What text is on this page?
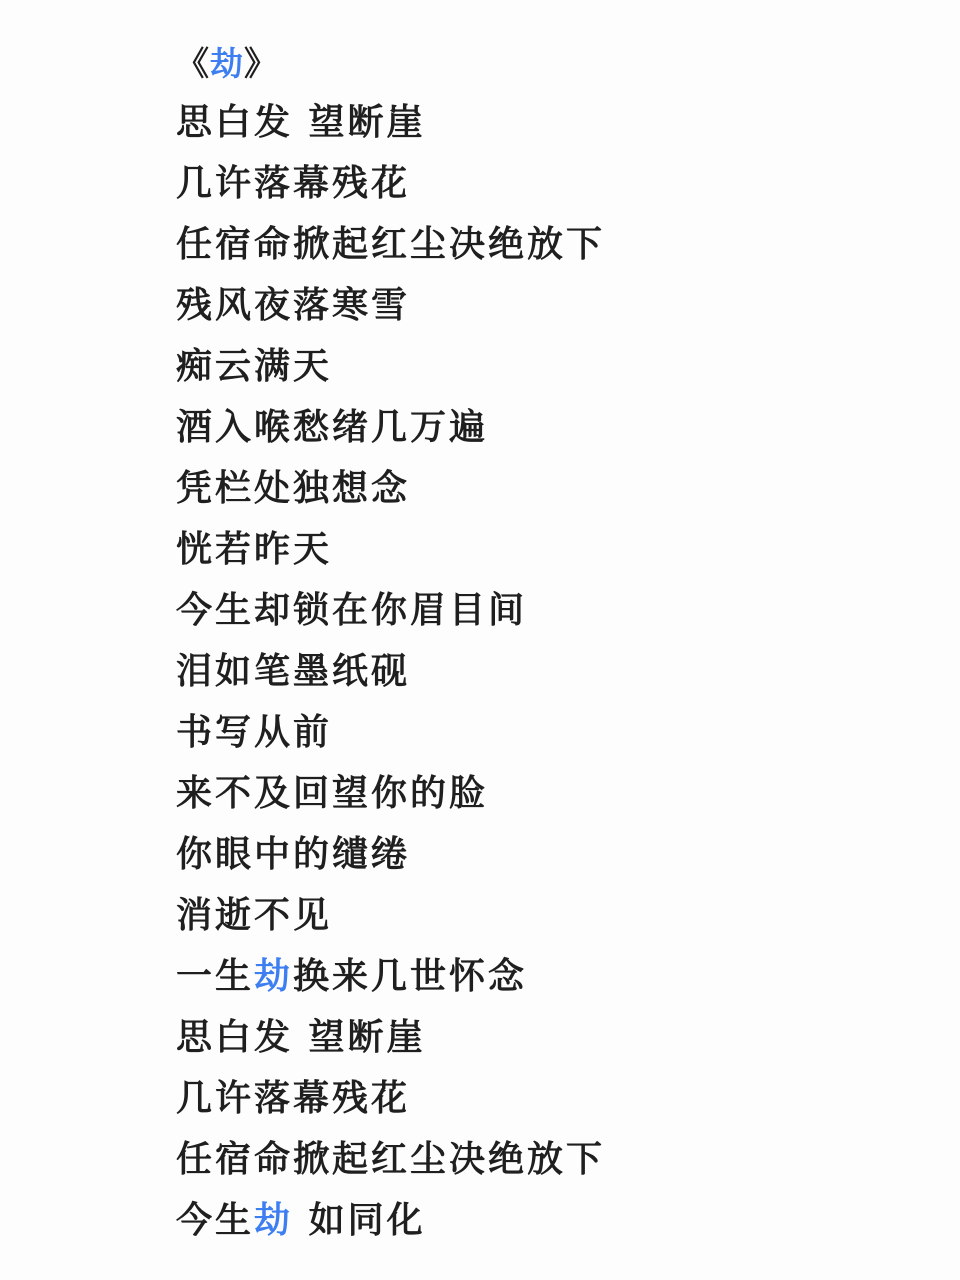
《劫》
思白发 望断崖
几许落幕残花
任宿命掀起红尘决绝放下
残风夜落寒雪
痴云满天
酒入喉愁绪几万遍
凭栏处独想念
恍若昨天
今生却锁在你眉目间
泪如笔墨纸砚
书写从前
来不及回望你的脸
你眼中的缱绻
消逝不见
一生劫换来几世怀念
思白发 望断崖
几许落幕残花
任宿命掀起红尘决绝放下
今生劫 如同化
